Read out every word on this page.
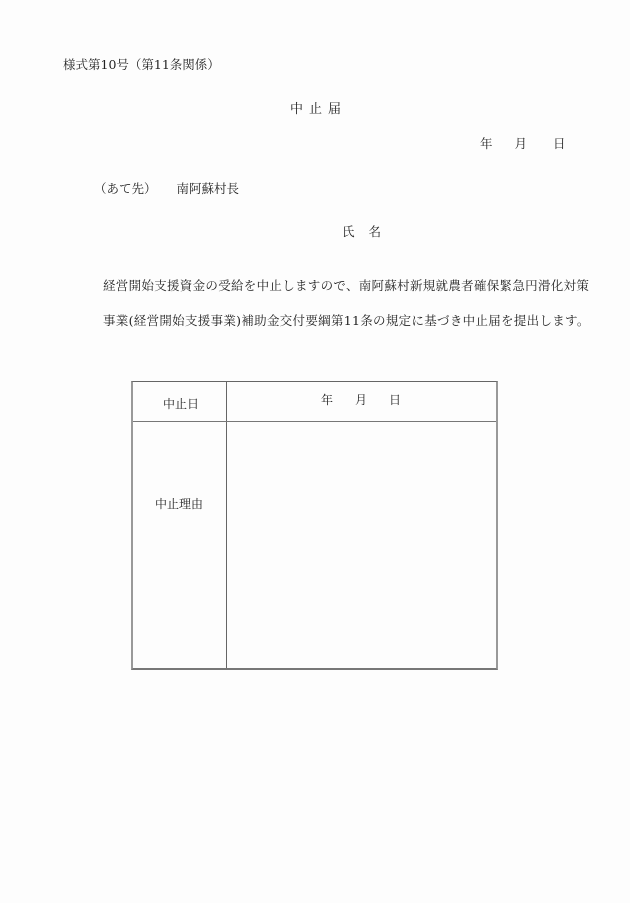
様式第10号（第11条関係）
中止届
年 月 日
（あて先） 南阿蘇村長
氏名
経営開始支援資金の受給を中止しますので、南阿蘇村新規就農者確保緊急円滑化対策
事業(経営開始支援事業)補助金交付要綱第11条の規定に基づき中止届を提出します。
中止日	年 月 日
中止理由
